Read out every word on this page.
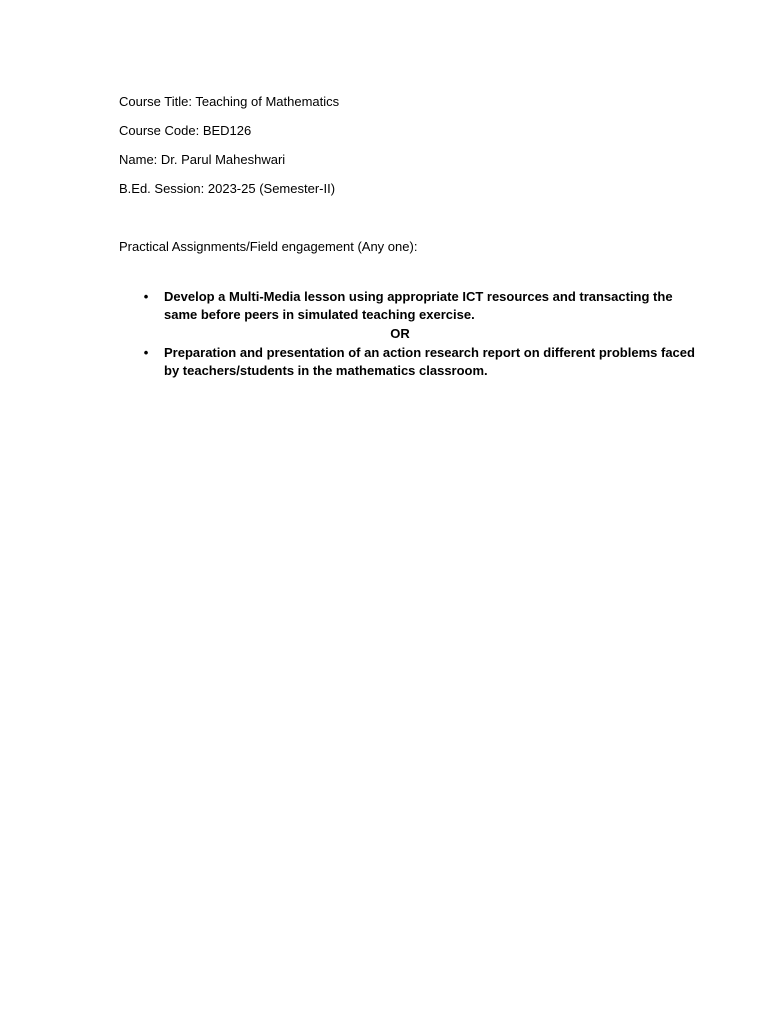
Course Title: Teaching of Mathematics
Course Code: BED126
Name: Dr. Parul Maheshwari
B.Ed. Session: 2023-25 (Semester-II)
Practical Assignments/Field engagement (Any one):
• Develop a Multi-Media lesson using appropriate ICT resources and transacting the same before peers in simulated teaching exercise.
OR
• Preparation and presentation of an action research report on different problems faced by teachers/students in the mathematics classroom.
